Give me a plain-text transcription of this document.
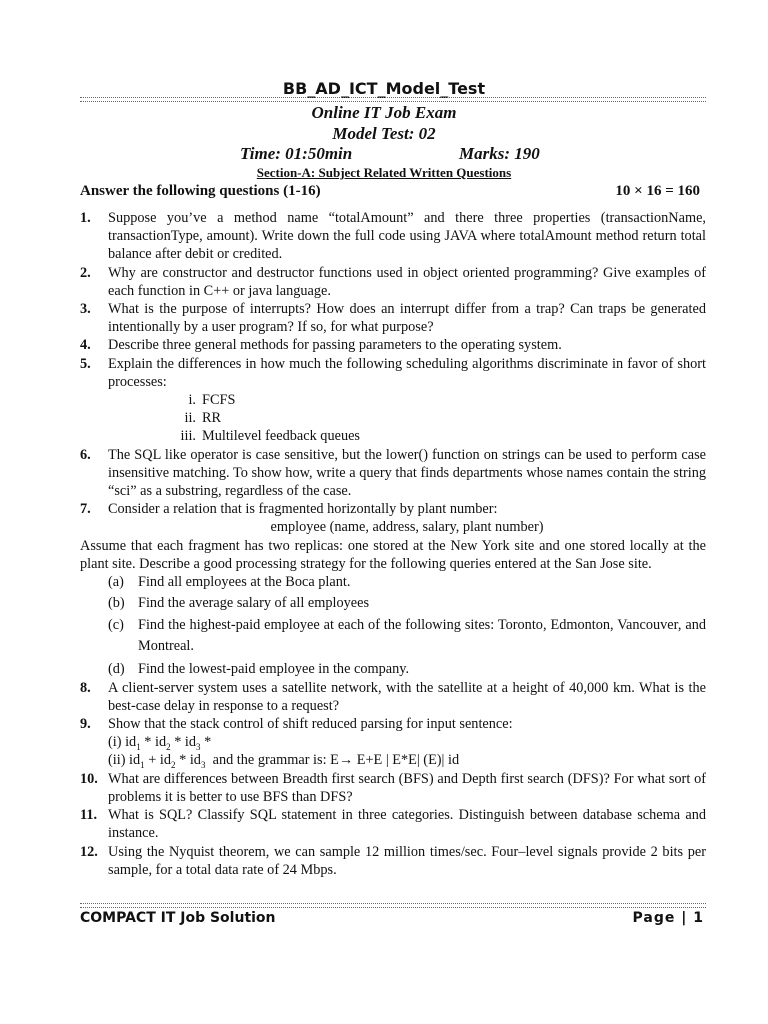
BB_AD_ICT_Model_Test
Online IT Job Exam
Model Test: 02
Time: 01:50min	Marks: 190
Section-A: Subject Related Written Questions
Answer the following questions (1-16)	10 × 16 = 160
1. Suppose you’ve a method name “totalAmount” and there three properties (transactionName, transactionType, amount). Write down the full code using JAVA where totalAmount method return total balance after debit or credited.
2. Why are constructor and destructor functions used in object oriented programming? Give examples of each function in C++ or java language.
3. What is the purpose of interrupts? How does an interrupt differ from a trap? Can traps be generated intentionally by a user program? If so, for what purpose?
4. Describe three general methods for passing parameters to the operating system.
5. Explain the differences in how much the following scheduling algorithms discriminate in favor of short processes:
i. FCFS
ii. RR
iii. Multilevel feedback queues
6. The SQL like operator is case sensitive, but the lower() function on strings can be used to perform case insensitive matching. To show how, write a query that finds departments whose names contain the string “sci” as a substring, regardless of the case.
7. Consider a relation that is fragmented horizontally by plant number:
employee (name, address, salary, plant number)
Assume that each fragment has two replicas: one stored at the New York site and one stored locally at the plant site. Describe a good processing strategy for the following queries entered at the San Jose site.
(a) Find all employees at the Boca plant.
(b) Find the average salary of all employees
(c) Find the highest-paid employee at each of the following sites: Toronto, Edmonton, Vancouver, and Montreal.
(d) Find the lowest-paid employee in the company.
8. A client-server system uses a satellite network, with the satellite at a height of 40,000 km. What is the best-case delay in response to a request?
9. Show that the stack control of shift reduced parsing for input sentence:
(i) $id_1 * id_2 * id_3$ *
(ii) $id_1 + id_2 * id_3$ and the grammar is: E→ E+E | E*E| (E)| id
10. What are differences between Breadth first search (BFS) and Depth first search (DFS)? For what sort of problems it is better to use BFS than DFS?
11. What is SQL? Classify SQL statement in three categories. Distinguish between database schema and instance.
12. Using the Nyquist theorem, we can sample 12 million times/sec. Four–level signals provide 2 bits per sample, for a total data rate of 24 Mbps.
COMPACT IT Job Solution	Page | 1
